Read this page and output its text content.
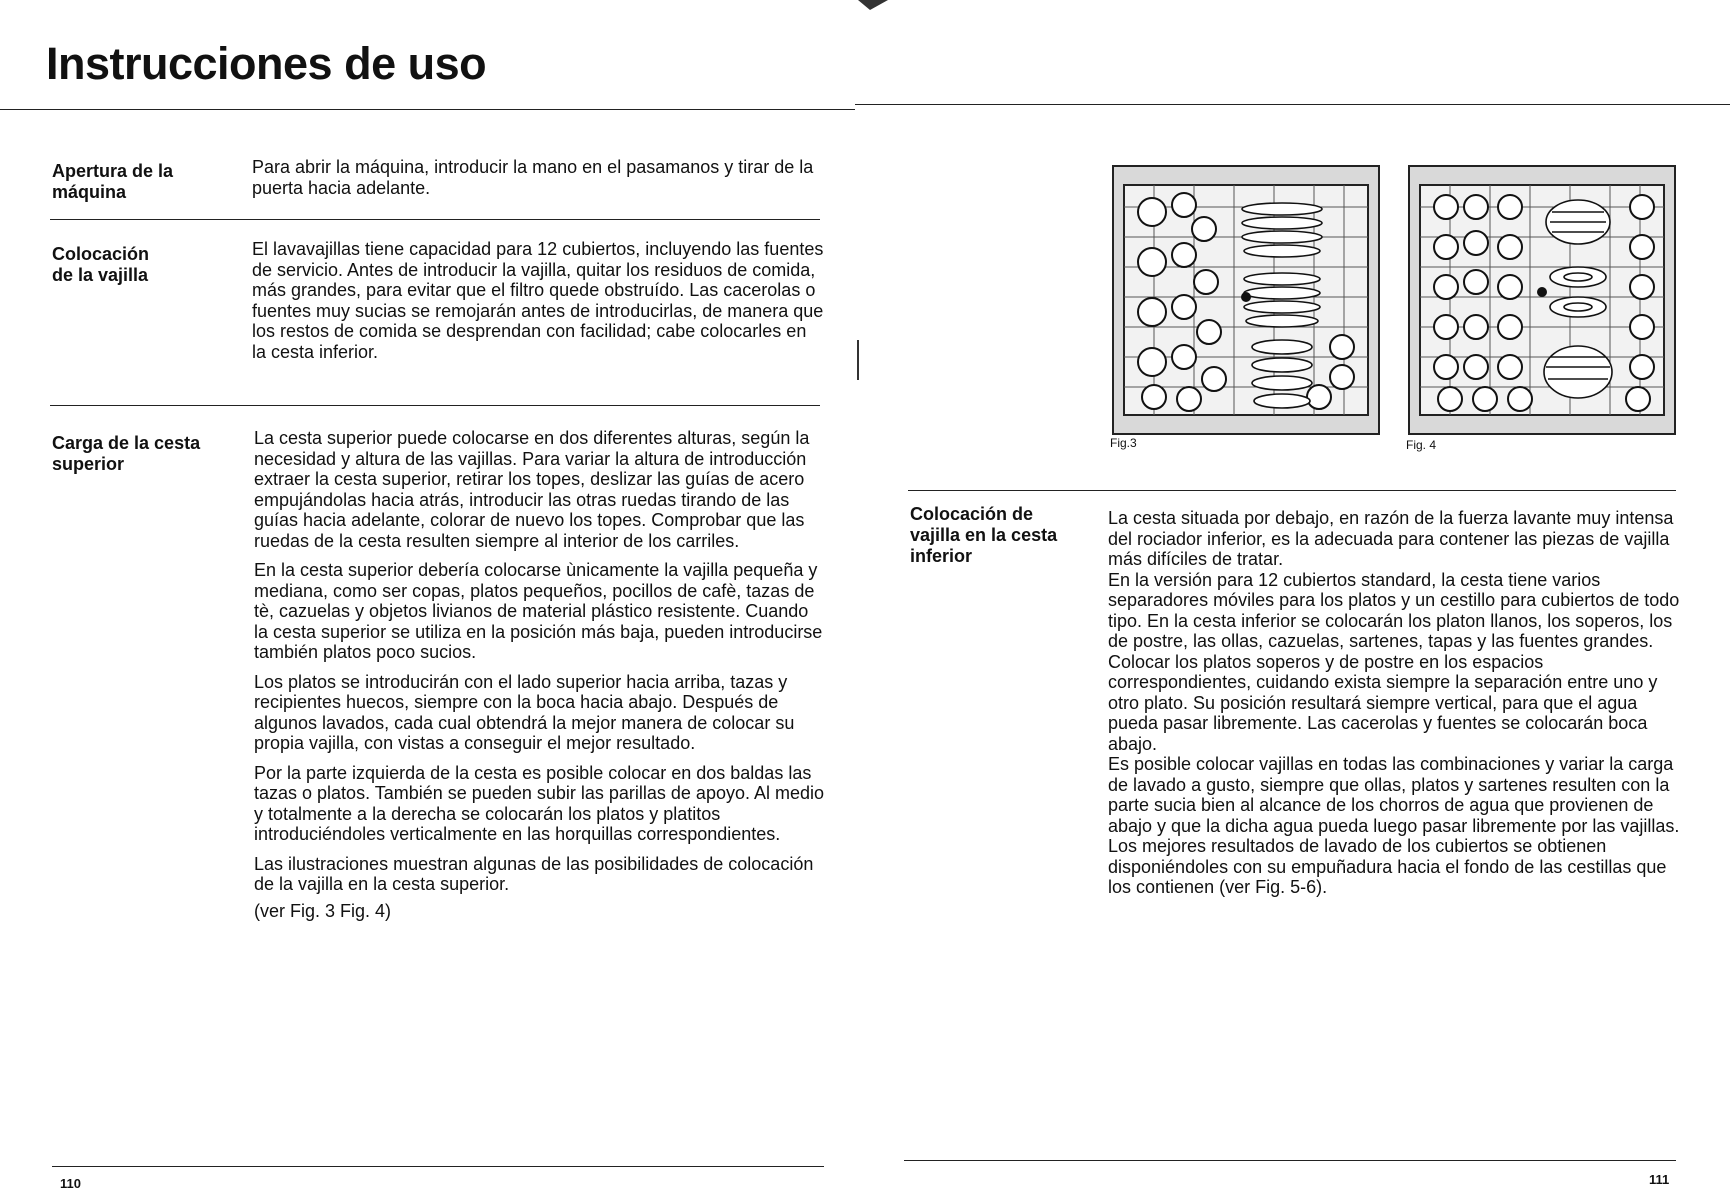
Instrucciones de uso
Apertura de la
máquina

Para abrir la máquina, introducir la mano en el pasamanos y tirar de la puerta hacia adelante.

Colocación
de la vajilla

El lavavajillas tiene capacidad para 12 cubiertos, incluyendo las fuentes de servicio. Antes de introducir la vajilla, quitar los residuos de comida, más grandes, para evitar que el filtro quede obstruído. Las cacerolas o fuentes muy sucias se remojarán antes de introducirlas, de manera que los restos de comida se desprendan con facilidad; cabe colocarles en la cesta inferior.

Carga de la cesta
superior

La cesta superior puede colocarse en dos diferentes alturas, según la necesidad y altura de las vajillas. Para variar la altura de introducción extraer la cesta superior, retirar los topes, deslizar las guías de acero empujándolas hacia atrás, introducir las otras ruedas tirando de las guías hacia adelante, colorar de nuevo los topes. Comprobar que las ruedas de la cesta resulten siempre al interior de los carriles.

En la cesta superior debería colocarse ùnicamente la vajilla pequeña y mediana, como ser copas, platos pequeños, pocillos de cafè, tazas de tè, cazuelas y objetos livianos de material plástico resistente. Cuando la cesta superior se utiliza en la posición más baja, pueden introducirse también platos poco sucios.

Los platos se introducirán con el lado superior hacia arriba, tazas y recipientes huecos, siempre con la boca hacia abajo. Después de algunos lavados, cada cual obtendrá la mejor manera de colocar su propia vajilla, con vistas a conseguir el mejor resultado.

Por la parte izquierda de la cesta es posible colocar en dos baldas las tazas o platos. También se pueden subir las parillas de apoyo. Al medio y totalmente a la derecha se colocarán los platos y platitos introduciéndoles verticalmente en las horquillas correspondientes.

Las ilustraciones muestran algunas de las posibilidades de colocación de la vajilla en la cesta superior.

(ver Fig. 3 Fig. 4)

110
Fig.3	Fig. 4
Colocación de
vajilla en la cesta
inferior

La cesta situada por debajo, en razón de la fuerza lavante muy intensa del rociador inferior, es la adecuada para contener las piezas de vajilla más difíciles de tratar.

En la versión para 12 cubiertos standard, la cesta tiene varios separadores móviles para los platos y un cestillo para cubiertos de todo tipo. En la cesta inferior se colocarán los platon llanos, los soperos, los de postre, las ollas, cazuelas, sartenes, tapas y las fuentes grandes.

Colocar los platos soperos y de postre en los espacios correspondientes, cuidando exista siempre la separación entre uno y otro plato. Su posición resultará siempre vertical, para que el agua pueda pasar libremente. Las cacerolas y fuentes se colocarán boca abajo.

Es posible colocar vajillas en todas las combinaciones y variar la carga de lavado a gusto, siempre que ollas, platos y sartenes resulten con la parte sucia bien al alcance de los chorros de agua que provienen de abajo y que la dicha agua pueda luego pasar libremente por las vajillas.

Los mejores resultados de lavado de los cubiertos se obtienen disponiéndoles con su empuñadura hacia el fondo de las cestillas que los contienen (ver Fig. 5-6).

111
